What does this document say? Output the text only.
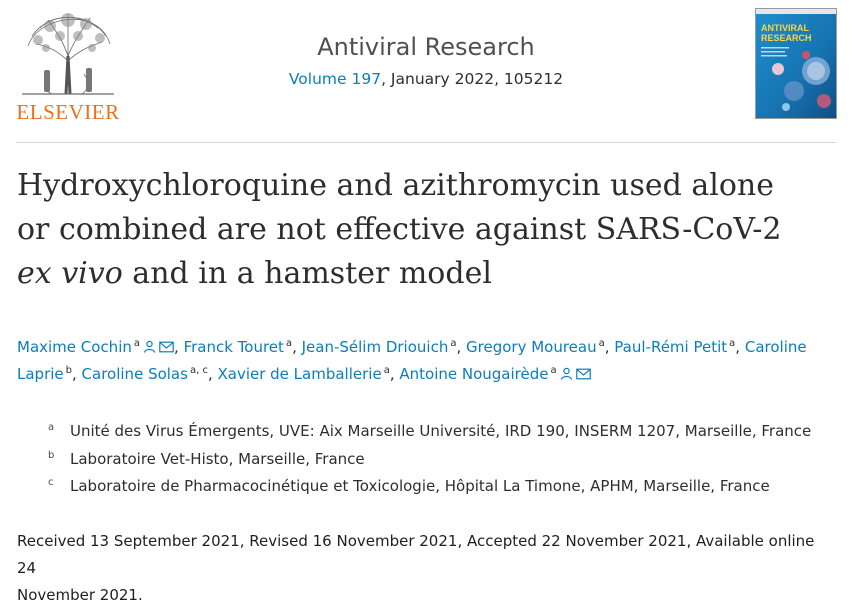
ELSEVIER
Antiviral Research
Volume 197, January 2022, 105212
ANTIVIRAL
RESEARCH
Hydroxychloroquine and azithromycin used alone
or combined are not effective against SARS-CoV-2
ex vivo and in a hamster model
Maxime Cochin $^a$ , Franck Touret $^a$, Jean-Sélim Driouich $^a$, Gregory Moureau $^a$, Paul-Rémi Petit $^a$, Caroline
Laprie $^b$, Caroline Solas $^{a, c}$, Xavier de Lamballerie $^a$, Antoine Nougairède $^a$
a Unité des Virus Émergents, UVE: Aix Marseille Université, IRD 190, INSERM 1207, Marseille, France
b Laboratoire Vet-Histo, Marseille, France
c Laboratoire de Pharmacocinétique et Toxicologie, Hôpital La Timone, APHM, Marseille, France
Received 13 September 2021, Revised 16 November 2021, Accepted 22 November 2021, Available online 24
November 2021.
